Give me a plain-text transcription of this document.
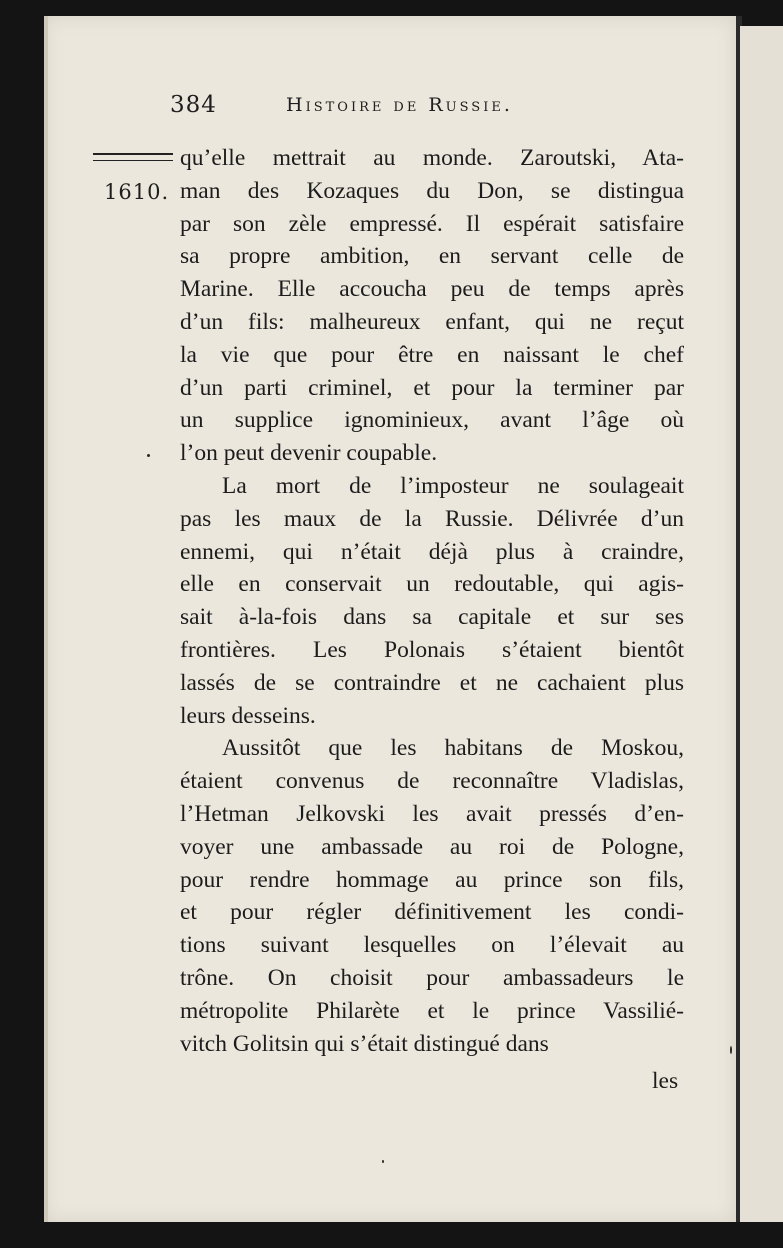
384	Histoire de Russie.
1610.
qu’elle mettrait au monde. Zaroutski, Ata-
man des Kozaques du Don, se distingua
par son zèle empressé. Il espérait satisfaire
sa propre ambition, en servant celle de
Marine. Elle accoucha peu de temps après
d’un fils: malheureux enfant, qui ne reçut
la vie que pour être en naissant le chef
d’un parti criminel, et pour la terminer par
un supplice ignominieux, avant l’âge où
l’on peut devenir coupable.
La mort de l’imposteur ne soulageait
pas les maux de la Russie. Délivrée d’un
ennemi, qui n’était déjà plus à craindre,
elle en conservait un redoutable, qui agis-
sait à-la-fois dans sa capitale et sur ses
frontières. Les Polonais s’étaient bientôt
lassés de se contraindre et ne cachaient plus
leurs desseins.
Aussitôt que les habitans de Moskou,
étaient convenus de reconnaître Vladislas,
l’Hetman Jelkovski les avait pressés d’en-
voyer une ambassade au roi de Pologne,
pour rendre hommage au prince son fils,
et pour régler définitivement les condi-
tions suivant lesquelles on l’élevait au
trône. On choisit pour ambassadeurs le
métropolite Philarète et le prince Vassilié-
vitch Golitsin qui s’était distingué dans
les
